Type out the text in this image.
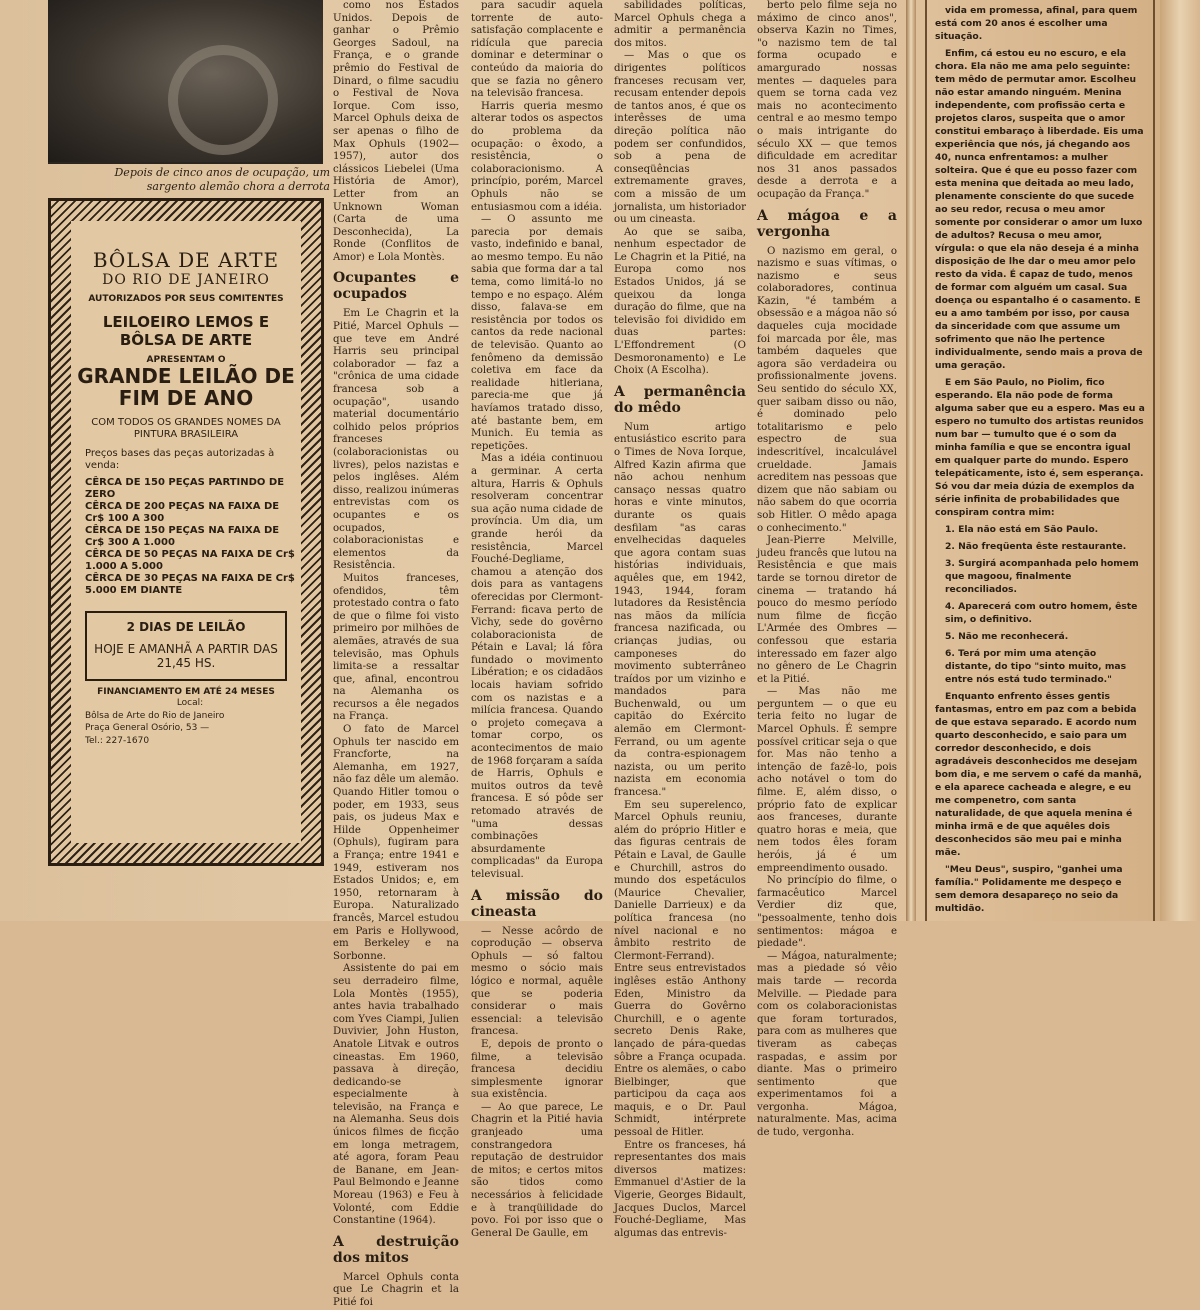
Depois de cinco anos de ocupação, um sargento alemão chora a derrota
BÔLSA DE ARTE
DO RIO DE JANEIRO
AUTORIZADOS POR SEUS COMITENTES
LEILOEIRO LEMOS E BÔLSA DE ARTE
APRESENTAM O
GRANDE LEILÃO DE FIM DE ANO
COM TODOS OS GRANDES NOMES DA PINTURA BRASILEIRA
Preços bases das peças autorizadas à venda:
CÊRCA DE 150 PEÇAS PARTINDO DE ZERO
CÊRCA DE 200 PEÇAS NA FAIXA DE Cr$ 100 A 300
CÊRCA DE 150 PEÇAS NA FAIXA DE Cr$ 300 A 1.000
CÊRCA DE 50 PEÇAS NA FAIXA DE Cr$ 1.000 A 5.000
CÊRCA DE 30 PEÇAS NA FAIXA DE Cr$ 5.000 EM DIANTE
2 DIAS DE LEILÃO
HOJE E AMANHÃ A PARTIR DAS 21,45 HS.
FINANCIAMENTO EM ATÉ 24 MESES
Local:
Bôlsa de Arte do Rio de Janeiro
Praça General Osório, 53 —
Tel.: 227-1670

como nos Estados Unidos. Depois de ganhar o Prêmio Georges Sadoul, na França, e o grande prêmio do Festival de Dinard, o filme sacudiu o Festival de Nova Iorque. Com isso, Marcel Ophuls deixa de ser apenas o filho de Max Ophuls (1902—1957), autor dos clássicos Liebelei (Uma História de Amor), Letter from an Unknown Woman (Carta de uma Desconhecida), La Ronde (Conflitos de Amor) e Lola Montès.

Ocupantes e ocupados

Em Le Chagrin et la Pitié, Marcel Ophuls — que teve em André Harris seu principal colaborador — faz a "crônica de uma cidade francesa sob a ocupação", usando material documentário colhido pelos próprios franceses (colaboracionistas ou livres), pelos nazistas e pelos inglêses. Além disso, realizou inúmeras entrevistas com os ocupantes e os ocupados, colaboracionistas e elementos da Resistência.

Muitos franceses, ofendidos, têm protestado contra o fato de que o filme foi visto primeiro por milhões de alemães, através de sua televisão, mas Ophuls limita-se a ressaltar que, afinal, encontrou na Alemanha os recursos a êle negados na França.

O fato de Marcel Ophuls ter nascido em Francforte, na Alemanha, em 1927, não faz dêle um alemão. Quando Hitler tomou o poder, em 1933, seus pais, os judeus Max e Hilde Oppenheimer (Ophuls), fugiram para a França; entre 1941 e 1949, estiveram nos Estados Unidos; e, em 1950, retornaram à Europa. Naturalizado francês, Marcel estudou em Paris e Hollywood, em Berkeley e na Sorbonne.

Assistente do pai em seu derradeiro filme, Lola Montès (1955), antes havia trabalhado com Yves Ciampi, Julien Duvivier, John Huston, Anatole Litvak e outros cineastas. Em 1960, passava à direção, dedicando-se especialmente à televisão, na França e na Alemanha. Seus dois únicos filmes de ficção em longa metragem, até agora, foram Peau de Banane, em Jean-Paul Belmondo e Jeanne Moreau (1963) e Feu à Volonté, com Eddie Constantine (1964).

A destruição dos mitos

Marcel Ophuls conta que Le Chagrin et la Pitié foi

para sacudir aquela torrente de auto-satisfação complacente e ridícula que parecia dominar e determinar o conteúdo da maioria do que se fazia no gênero na televisão francesa.

Harris queria mesmo alterar todos os aspectos do problema da ocupação: o êxodo, a resistência, o colaboracionismo. A princípio, porém, Marcel Ophuls não se entusiasmou com a idéia.

— O assunto me parecia por demais vasto, indefinido e banal, ao mesmo tempo. Eu não sabia que forma dar a tal tema, como limitá-lo no tempo e no espaço. Além disso, falava-se em resistência por todos os cantos da rede nacional de televisão. Quanto ao fenômeno da demissão coletiva em face da realidade hitleriana, parecia-me que já havíamos tratado disso, até bastante bem, em Munich. Eu temia as repetições.

Mas a idéia continuou a germinar. A certa altura, Harris & Ophuls resolveram concentrar sua ação numa cidade de província. Um dia, um grande herói da resistência, Marcel Fouché-Degliame, chamou a atenção dos dois para as vantagens oferecidas por Clermont-Ferrand: ficava perto de Vichy, sede do govêrno colaboracionista de Pétain e Laval; lá fôra fundado o movimento Libération; e os cidadãos locais haviam sofrido com os nazistas e a milícia francesa. Quando o projeto começava a tomar corpo, os acontecimentos de maio de 1968 forçaram a saída de Harris, Ophuls e muitos outros da tevê francesa. E só pôde ser retomado através de "uma dessas combinações absurdamente complicadas" da Europa televisual.

A missão do cineasta

— Nesse acôrdo de coprodução — observa Ophuls — só faltou mesmo o sócio mais lógico e normal, aquêle que se poderia considerar o mais essencial: a televisão francesa.

E, depois de pronto o filme, a televisão francesa decidiu simplesmente ignorar sua existência.

— Ao que parece, Le Chagrin et la Pitié havia granjeado uma constrangedora reputação de destruidor de mitos; e certos mitos são tidos como necessários à felicidade e à tranqüilidade do povo. Foi por isso que o General De Gaulle, em

sabilidades políticas, Marcel Ophuls chega a admitir a permanência dos mitos.

— Mas o que os dirigentes políticos franceses recusam ver, recusam entender depois de tantos anos, é que os interêsses de uma direção política não podem ser confundidos, sob a pena de conseqüências extremamente graves, com a missão de um jornalista, um historiador ou um cineasta.

Ao que se saiba, nenhum espectador de Le Chagrin et la Pitié, na Europa como nos Estados Unidos, já se queixou da longa duração do filme, que na televisão foi dividido em duas partes: L'Effondrement (O Desmoronamento) e Le Choix (A Escolha).

A permanência do mêdo

Num artigo entusiástico escrito para o Times de Nova Iorque, Alfred Kazin afirma que não achou nenhum cansaço nessas quatro horas e vinte minutos, durante os quais desfilam "as caras envelhecidas daqueles que agora contam suas histórias individuais, aquêles que, em 1942, 1943, 1944, foram lutadores da Resistência nas mãos da milícia francesa nazificada, ou crianças judias, ou camponeses do movimento subterrâneo traídos por um vizinho e mandados para Buchenwald, ou um capitão do Exército alemão em Clermont-Ferrand, ou um agente da contra-espionagem nazista, ou um perito nazista em economia francesa."

Em seu superelenco, Marcel Ophuls reuniu, além do próprio Hitler e das figuras centrais de Pétain e Laval, de Gaulle e Churchill, astros do mundo dos espetáculos (Maurice Chevalier, Danielle Darrieux) e da política francesa (no nível nacional e no âmbito restrito de Clermont-Ferrand). Entre seus entrevistados inglêses estão Anthony Eden, Ministro da Guerra do Govêrno Churchill, e o agente secreto Denis Rake, lançado de pára-quedas sôbre a França ocupada. Entre os alemães, o cabo Bielbinger, que participou da caça aos maquis, e o Dr. Paul Schmidt, intérprete pessoal de Hitler.

Entre os franceses, há representantes dos mais diversos matizes: Emmanuel d'Astier de la Vigerie, Georges Bidault, Jacques Duclos, Marcel Fouché-Degliame, Mas algumas das entrevis-

berto pelo filme seja no máximo de cinco anos", observa Kazin no Times, "o nazismo tem de tal forma ocupado e amargurado nossas mentes — daqueles para quem se torna cada vez mais no acontecimento central e ao mesmo tempo o mais intrigante do século XX — que temos dificuldade em acreditar nos 31 anos passados desde a derrota e a ocupação da França."

A mágoa e a vergonha

O nazismo em geral, o nazismo e suas vítimas, o nazismo e seus colaboradores, continua Kazin, "é também a obsessão e a mágoa não só daqueles cuja mocidade foi marcada por êle, mas também daqueles que agora são verdadeira ou profissionalmente jovens. Seu sentido do século XX, quer saibam disso ou não, é dominado pelo totalitarismo e pelo espectro de sua indescritível, incalculável crueldade. Jamais acreditem nas pessoas que dizem que não sabiam ou não sabem do que ocorria sob Hitler. O mêdo apaga o conhecimento."

Jean-Pierre Melville, judeu francês que lutou na Resistência e que mais tarde se tornou diretor de cinema — tratando há pouco do mesmo período num filme de ficção L'Armée des Ombres — confessou que estaria interessado em fazer algo no gênero de Le Chagrin et la Pitié.

— Mas não me perguntem — o que eu teria feito no lugar de Marcel Ophuls. É sempre possível criticar seja o que for. Mas não tenho a intenção de fazê-lo, pois acho notável o tom do filme. E, além disso, o próprio fato de explicar aos franceses, durante quatro horas e meia, que nem todos êles foram heróis, já é um empreendimento ousado.

No princípio do filme, o farmacêutico Marcel Verdier diz que, "pessoalmente, tenho dois sentimentos: mágoa e piedade".

— Mágoa, naturalmente; mas a piedade só vêio mais tarde — recorda Melville. — Piedade para com os colaboracionistas que foram torturados, para com as mulheres que tiveram as cabeças raspadas, e assim por diante. Mas o primeiro sentimento que experimentamos foi a vergonha. Mágoa, naturalmente. Mas, acima de tudo, vergonha.

vida em promessa, afinal, para quem está com 20 anos é escolher uma situação.

Enfim, cá estou eu no escuro, e ela chora. Ela não me ama pelo seguinte: tem mêdo de permutar amor. Escolheu não estar amando ninguém. Menina independente, com profissão certa e projetos claros, suspeita que o amor constitui embaraço à liberdade. Eis uma experiência que nós, já chegando aos 40, nunca enfrentamos: a mulher solteira. Que é que eu posso fazer com esta menina que deitada ao meu lado, plenamente consciente do que sucede ao seu redor, recusa o meu amor somente por considerar o amor um luxo de adultos? Recusa o meu amor, vírgula: o que ela não deseja é a minha disposição de lhe dar o meu amor pelo resto da vida. É capaz de tudo, menos de formar com alguém um casal. Sua doença ou espantalho é o casamento. E eu a amo também por isso, por causa da sinceridade com que assume um sofrimento que não lhe pertence individualmente, sendo mais a prova de uma geração.

E em São Paulo, no Piolim, fico esperando. Ela não pode de forma alguma saber que eu a espero. Mas eu a espero no tumulto dos artistas reunidos num bar — tumulto que é o som da minha família e que se encontra igual em qualquer parte do mundo. Espero telepáticamente, isto é, sem esperança. Só vou dar meia dúzia de exemplos da série infinita de probabilidades que conspiram contra mim:

1. Ela não está em São Paulo.

2. Não freqüenta êste restaurante.

3. Surgirá acompanhada pelo homem que magoou, finalmente reconciliados.

4. Aparecerá com outro homem, êste sim, o definitivo.

5. Não me reconhecerá.

6. Terá por mim uma atenção distante, do tipo "sinto muito, mas entre nós está tudo terminado."

Enquanto enfrento êsses gentis fantasmas, entro em paz com a bebida de que estava separado. E acordo num quarto desconhecido, e saio para um corredor desconhecido, e dois agradáveis desconhecidos me desejam bom dia, e me servem o café da manhã, e ela aparece cacheada e alegre, e eu me compenetro, com santa naturalidade, de que aquela menina é minha irmã e de que aquêles dois desconhecidos são meu pai e minha mãe.

"Meu Deus", suspiro, "ganhei uma família." Polidamente me despeço e sem demora desapareço no seio da multidão.
